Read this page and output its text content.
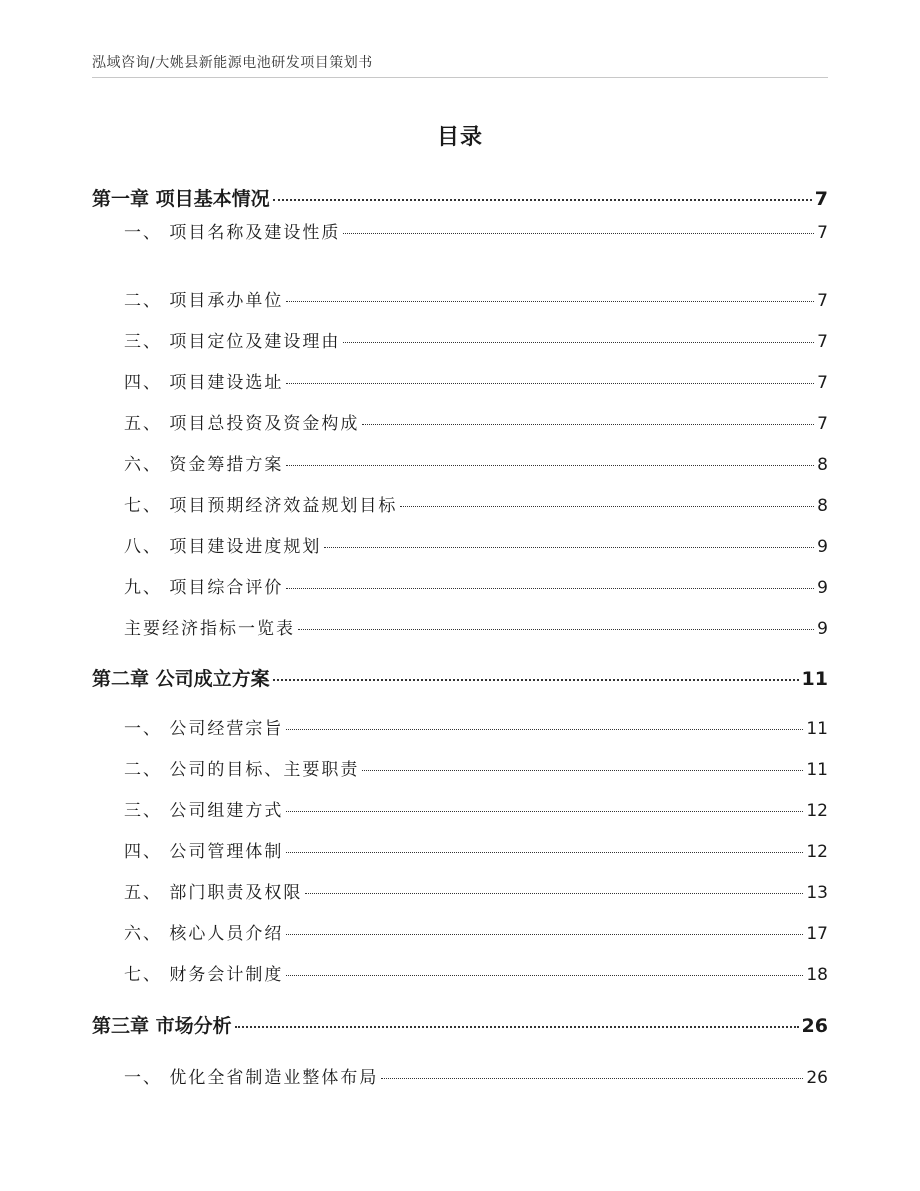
泓域咨询/大姚县新能源电池研发项目策划书
目录
第一章 项目基本情况	7
一、 项目名称及建设性质	7
二、 项目承办单位	7
三、 项目定位及建设理由	7
四、 项目建设选址	7
五、 项目总投资及资金构成	7
六、 资金筹措方案	8
七、 项目预期经济效益规划目标	8
八、 项目建设进度规划	9
九、 项目综合评价	9
主要经济指标一览表	9
第二章 公司成立方案	11
一、 公司经营宗旨	11
二、 公司的目标、主要职责	11
三、 公司组建方式	12
四、 公司管理体制	12
五、 部门职责及权限	13
六、 核心人员介绍	17
七、 财务会计制度	18
第三章 市场分析	26
一、 优化全省制造业整体布局	26
